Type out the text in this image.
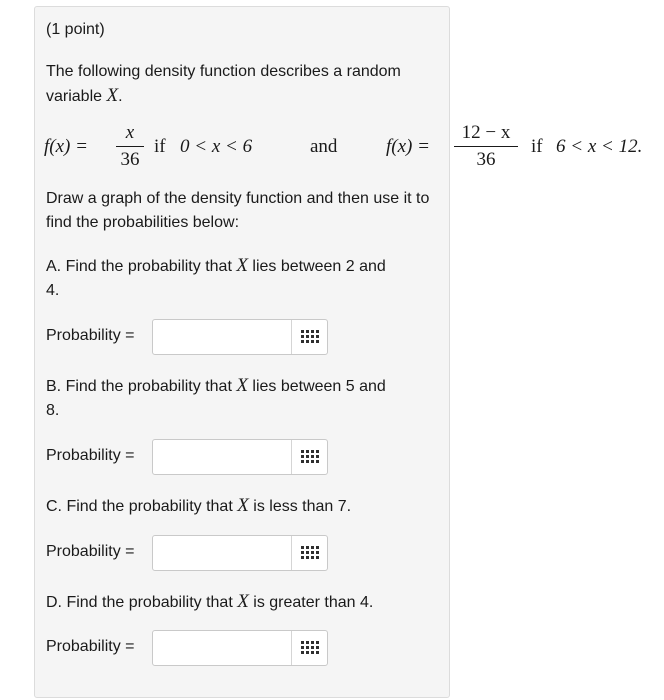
(1 point)

The following density function describes a random variable X.

f(x) =
x
36
if 0 < x < 6	and	f(x) =
12 − x
36
if 6 < x < 12.

Draw a graph of the density function and then use it to find the probabilities below:

A. Find the probability that X lies between 2 and
4.

Probability =

B. Find the probability that X lies between 5 and
8.

Probability =

C. Find the probability that X is less than 7.

Probability =

D. Find the probability that X is greater than 4.

Probability =
